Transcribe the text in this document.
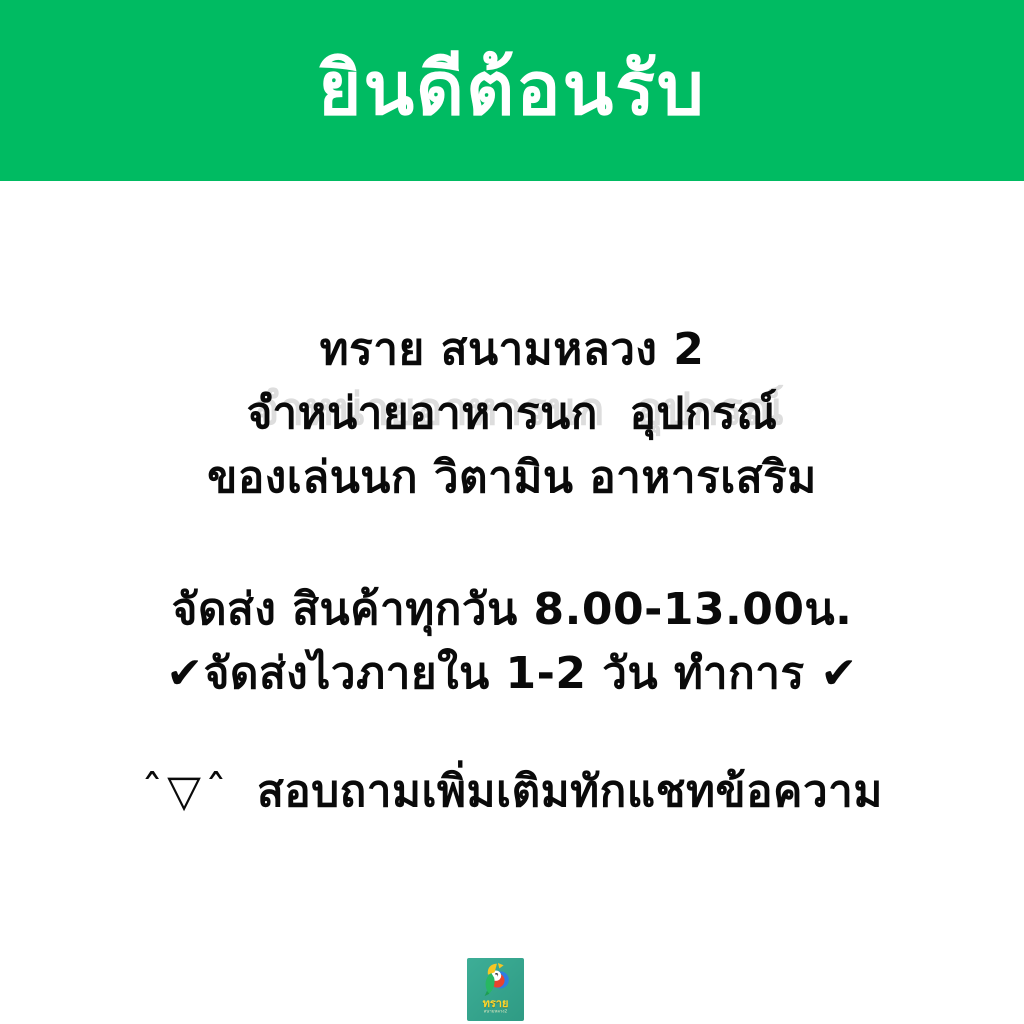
ยินดีต้อนรับ

ทราย สนามหลวง 2

จำหน่ายอาหารนก  อุปกรณ์

ของเล่นนก วิตามิน อาหารเสริม

จัดส่ง สินค้าทุกวัน 8.00-13.00น.

✔จัดส่งไวภายใน 1-2 วัน ทำการ ✔

ˆ▽ˆ สอบถามเพิ่มเติมทักแชทข้อความ

ทราย
สนามหลวง2
